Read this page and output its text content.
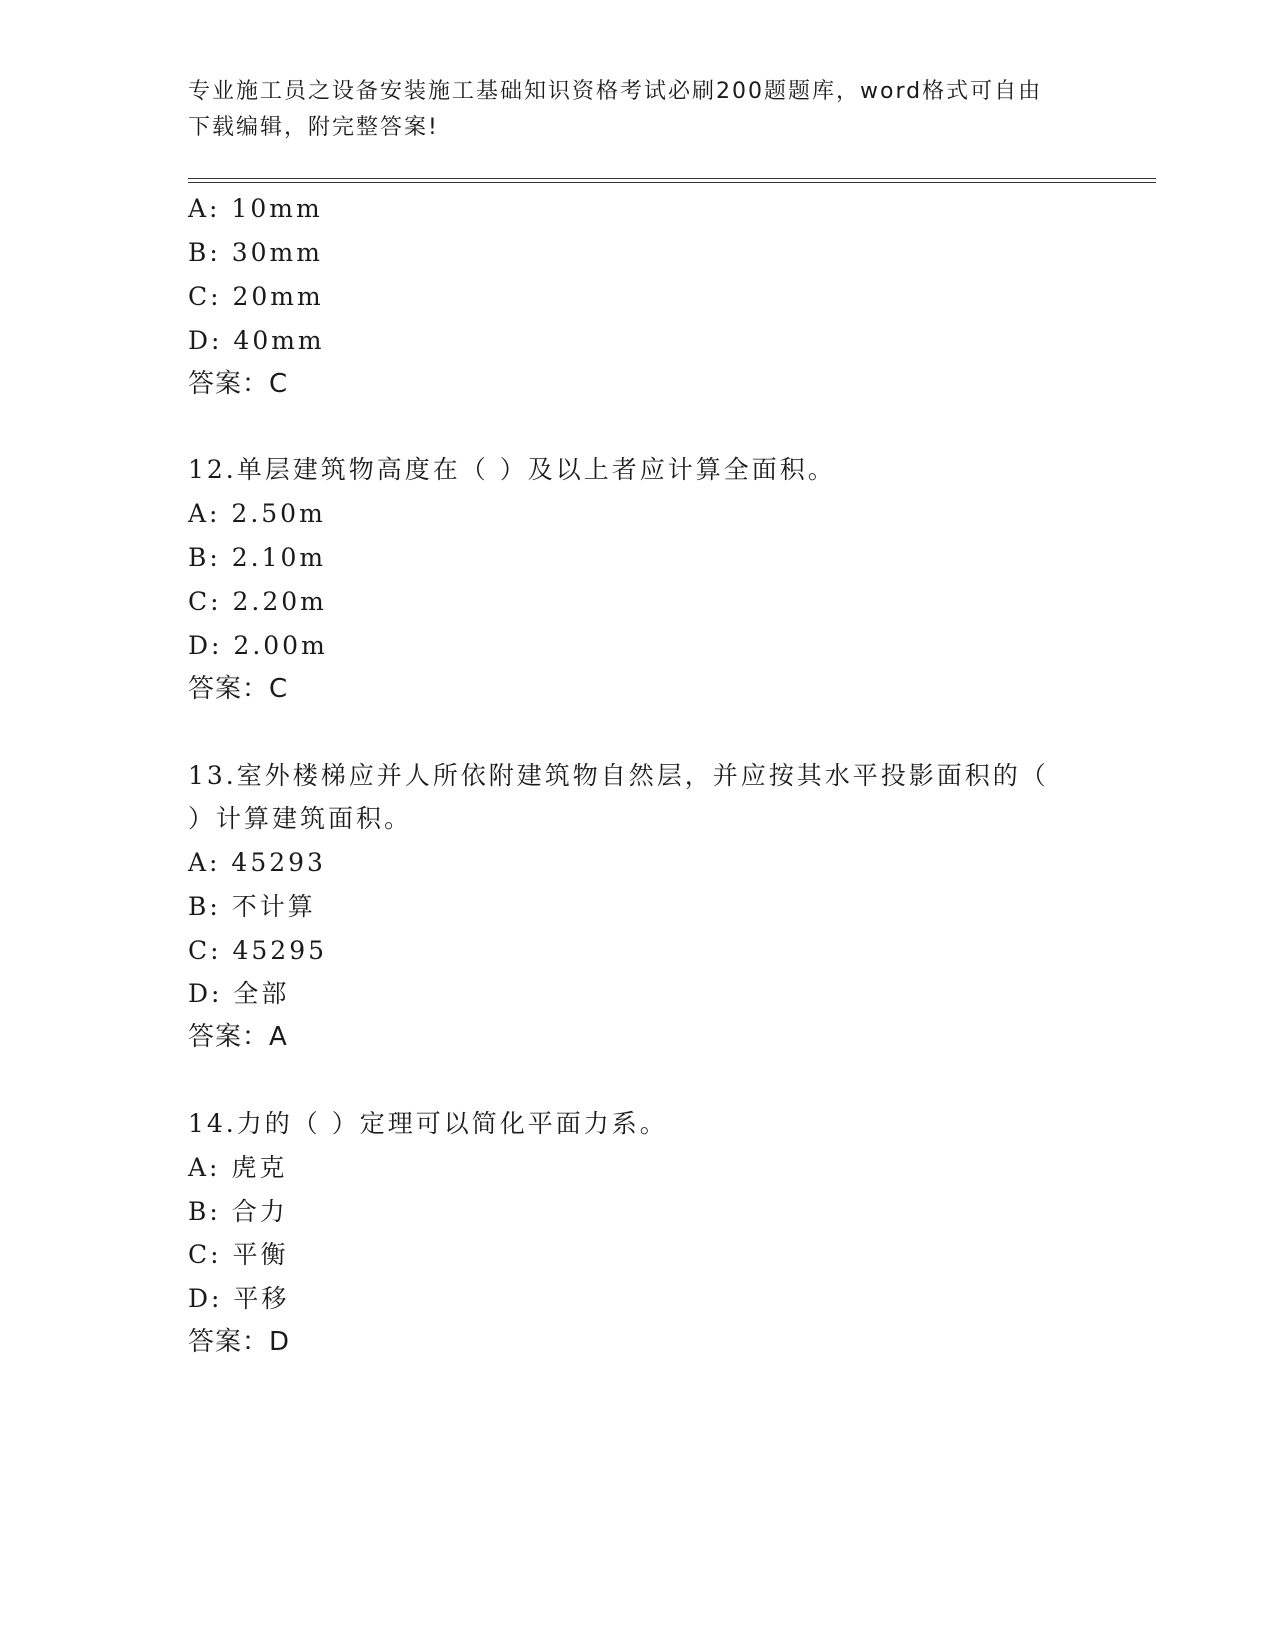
专业施工员之设备安装施工基础知识资格考试必刷200题题库，word格式可自由
下载编辑，附完整答案!
A: 10mm
B: 30mm
C: 20mm
D: 40mm
答案：C
12.单层建筑物高度在（ ）及以上者应计算全面积。
A: 2.50m
B: 2.10m
C: 2.20m
D: 2.00m
答案：C
13.室外楼梯应并人所依附建筑物自然层，并应按其水平投影面积的（
）计算建筑面积。
A: 45293
B: 不计算
C: 45295
D: 全部
答案：A
14.力的（ ）定理可以简化平面力系。
A: 虎克
B: 合力
C: 平衡
D: 平移
答案：D
